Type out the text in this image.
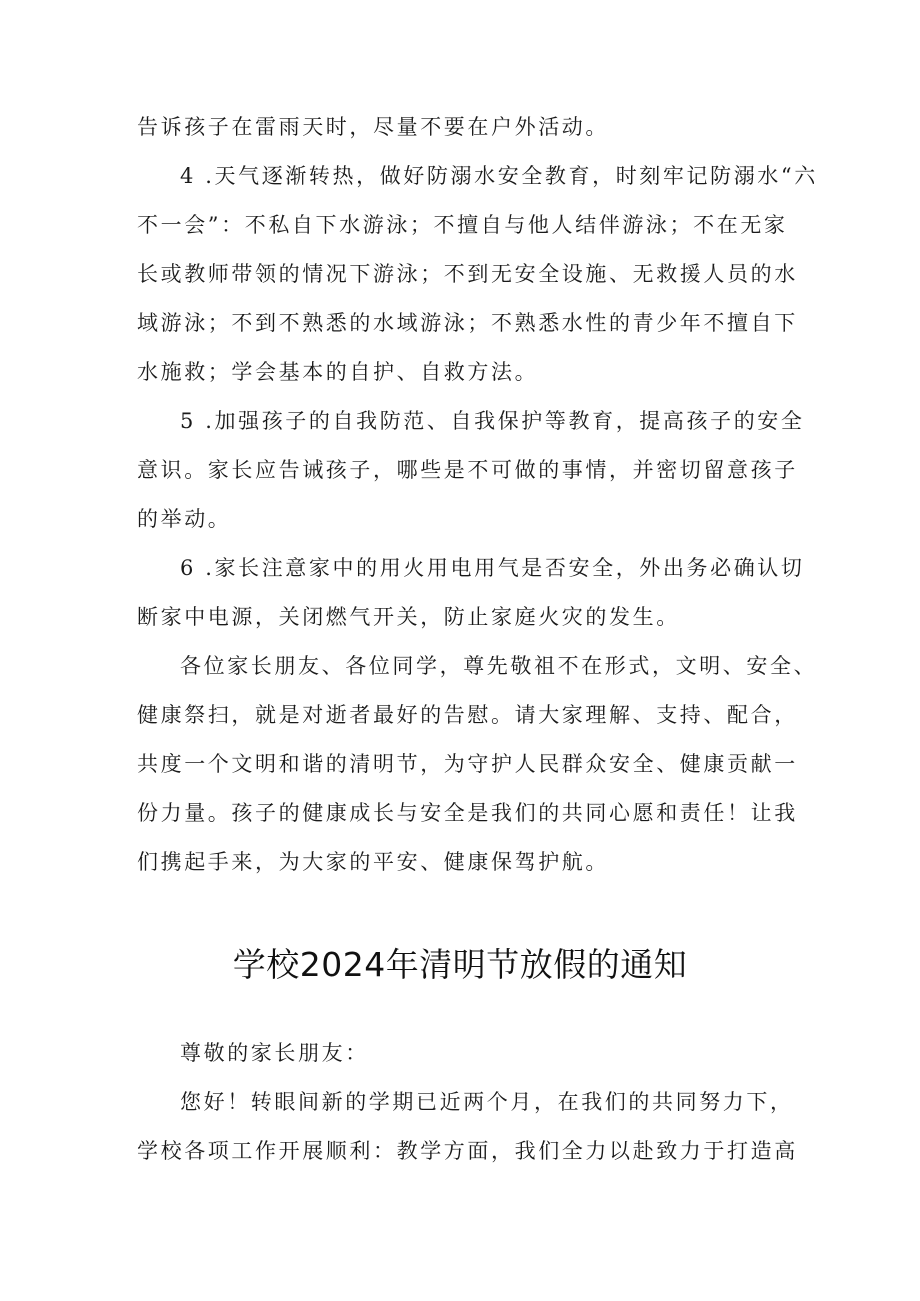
告诉孩子在雷雨天时，尽量不要在户外活动。
4 .天气逐渐转热，做好防溺水安全教育，时刻牢记防溺水“六
不一会”：不私自下水游泳；不擅自与他人结伴游泳；不在无家
长或教师带领的情况下游泳；不到无安全设施、无救援人员的水
域游泳；不到不熟悉的水域游泳；不熟悉水性的青少年不擅自下
水施救；学会基本的自护、自救方法。
5 .加强孩子的自我防范、自我保护等教育，提高孩子的安全
意识。家长应告诫孩子，哪些是不可做的事情，并密切留意孩子
的举动。
6 .家长注意家中的用火用电用气是否安全，外出务必确认切
断家中电源，关闭燃气开关，防止家庭火灾的发生。
各位家长朋友、各位同学，尊先敬祖不在形式，文明、安全、
健康祭扫，就是对逝者最好的告慰。请大家理解、支持、配合，
共度一个文明和谐的清明节，为守护人民群众安全、健康贡献一
份力量。孩子的健康成长与安全是我们的共同心愿和责任！让我
们携起手来，为大家的平安、健康保驾护航。
学校2024年清明节放假的通知
尊敬的家长朋友：
您好！转眼间新的学期已近两个月，在我们的共同努力下，
学校各项工作开展顺利：教学方面，我们全力以赴致力于打造高
